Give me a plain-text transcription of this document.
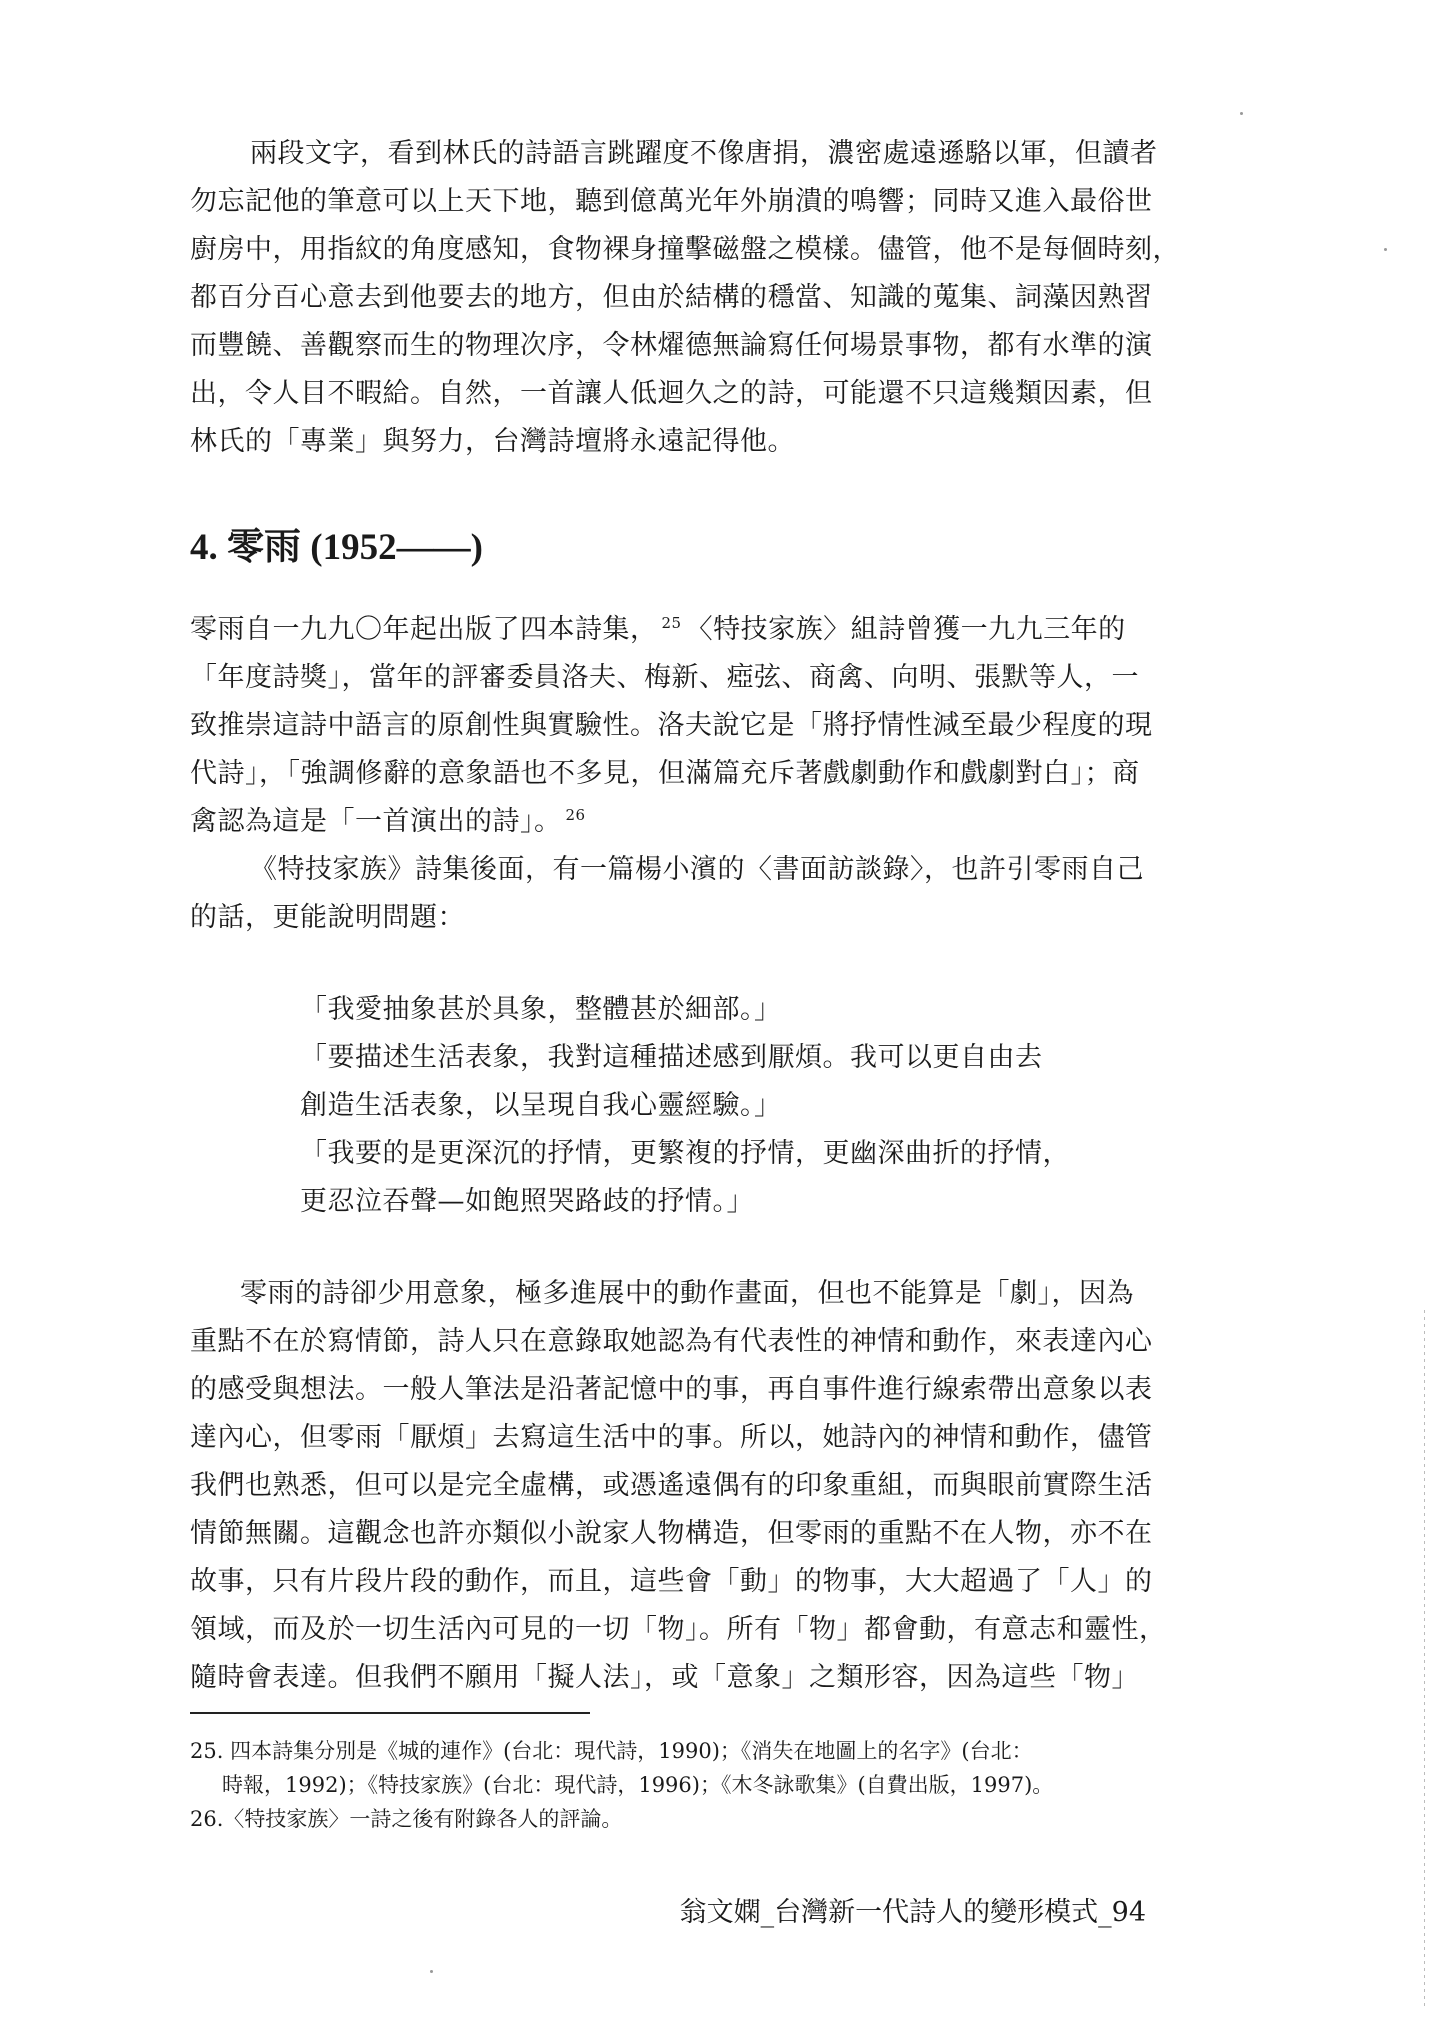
兩段文字，看到林氏的詩語言跳躍度不像唐捐，濃密處遠遜駱以軍，但讀者
勿忘記他的筆意可以上天下地，聽到億萬光年外崩潰的鳴響；同時又進入最俗世
廚房中，用指紋的角度感知，食物裸身撞擊磁盤之模樣。儘管，他不是每個時刻，
都百分百心意去到他要去的地方，但由於結構的穩當、知識的蒐集、詞藻因熟習
而豐饒、善觀察而生的物理次序，令林燿德無論寫任何場景事物，都有水準的演
出，令人目不暇給。自然，一首讓人低迴久之的詩，可能還不只這幾類因素，但
林氏的「專業」與努力，台灣詩壇將永遠記得他。
4. 零雨 (1952——)
零雨自一九九〇年起出版了四本詩集， $^{25}$ 〈特技家族〉組詩曾獲一九九三年的
「年度詩獎」，當年的評審委員洛夫、梅新、瘂弦、商禽、向明、張默等人，一
致推崇這詩中語言的原創性與實驗性。洛夫說它是「將抒情性減至最少程度的現
代詩」，「強調修辭的意象語也不多見，但滿篇充斥著戲劇動作和戲劇對白」；商
禽認為這是「一首演出的詩」。 $^{26}$
《特技家族》詩集後面，有一篇楊小濱的〈書面訪談錄〉，也許引零雨自己
的話，更能說明問題：
「我愛抽象甚於具象，整體甚於細部。」
「要描述生活表象，我對這種描述感到厭煩。我可以更自由去
創造生活表象，以呈現自我心靈經驗。」
「我要的是更深沉的抒情，更繁複的抒情，更幽深曲折的抒情，
更忍泣吞聲—如飽照哭路歧的抒情。」
零雨的詩卻少用意象，極多進展中的動作畫面，但也不能算是「劇」，因為
重點不在於寫情節，詩人只在意錄取她認為有代表性的神情和動作，來表達內心
的感受與想法。一般人筆法是沿著記憶中的事，再自事件進行線索帶出意象以表
達內心，但零雨「厭煩」去寫這生活中的事。所以，她詩內的神情和動作，儘管
我們也熟悉，但可以是完全虛構，或憑遙遠偶有的印象重組，而與眼前實際生活
情節無關。這觀念也許亦類似小說家人物構造，但零雨的重點不在人物，亦不在
故事，只有片段片段的動作，而且，這些會「動」的物事，大大超過了「人」的
領域，而及於一切生活內可見的一切「物」。所有「物」都會動，有意志和靈性，
隨時會表達。但我們不願用「擬人法」，或「意象」之類形容，因為這些「物」
25. 四本詩集分別是《城的連作》(台北：現代詩，1990)；《消失在地圖上的名字》(台北：
時報，1992)；《特技家族》(台北：現代詩，1996)；《木冬詠歌集》(自費出版，1997)。
26.〈特技家族〉一詩之後有附錄各人的評論。
翁文嫻_台灣新一代詩人的變形模式_94
